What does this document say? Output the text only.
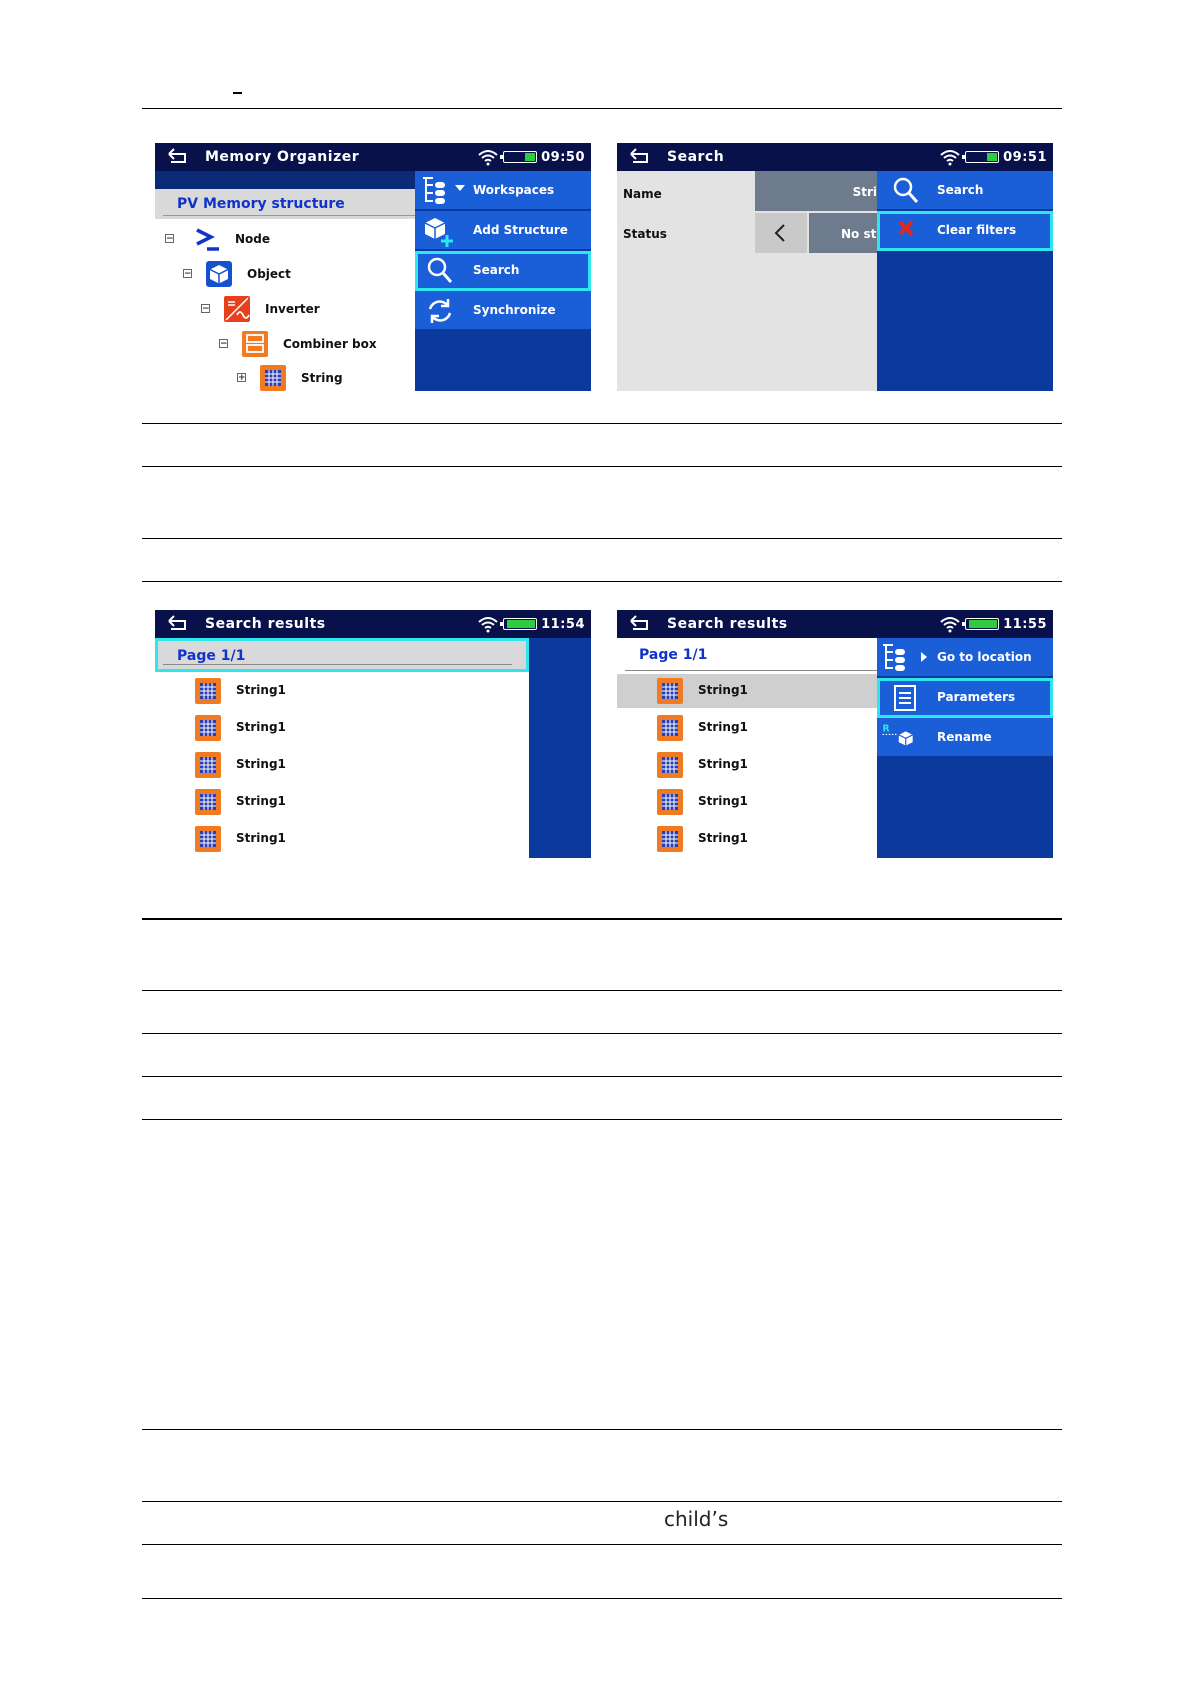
Memory Organizer	09:50
PV Memory structure
−	Node
−	Object
−	Inverter
−	Combiner box
+	String
Workspaces
Add Structure
Search
Synchronize
Search	09:51
Name	Stri
Status	No st
Search
Clear filters
Search results	11:54
Page 1/1
String1
String1
String1
String1
String1
Search results	11:55
Page 1/1
String1
String1
String1
String1
String1
Go to location
Parameters
R
Rename
child’s
